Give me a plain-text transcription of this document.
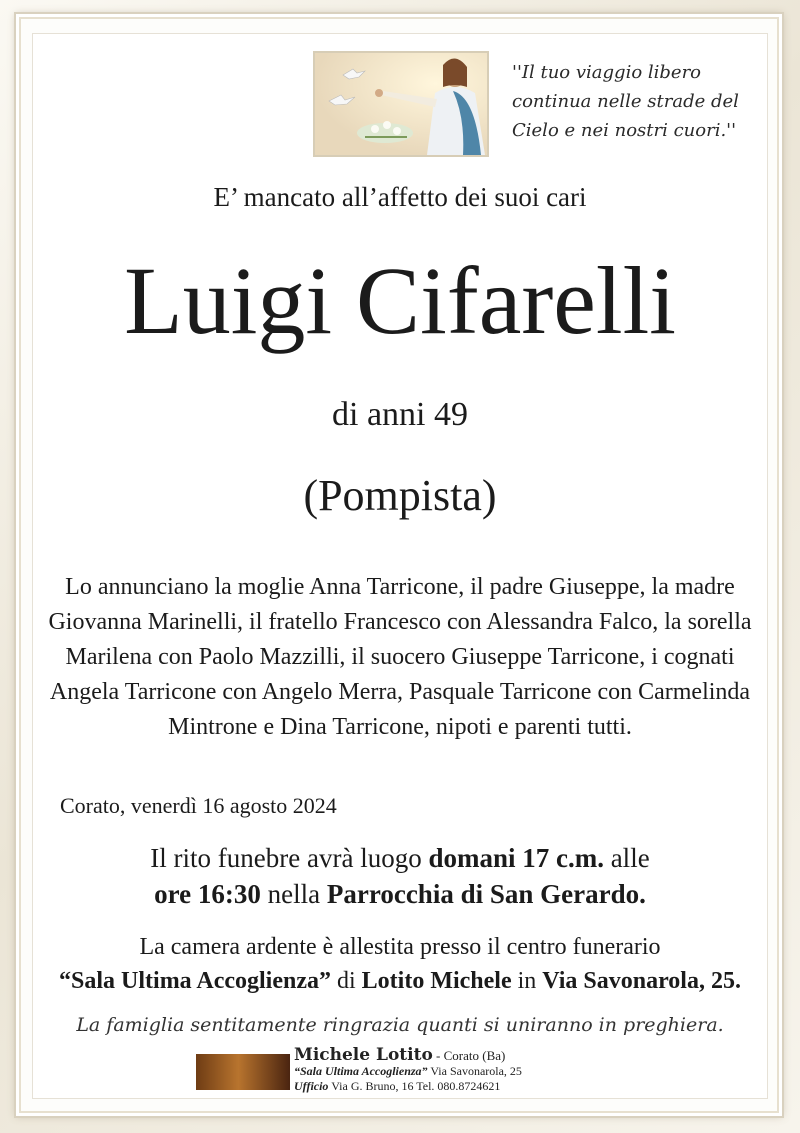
''Il tuo viaggio libero
continua nelle strade del
Cielo e nei nostri cuori.''
E’ mancato all’affetto dei suoi cari
Luigi Cifarelli
di anni 49
(Pompista)
Lo annunciano la moglie Anna Tarricone, il padre Giuseppe, la madre Giovanna Marinelli, il fratello Francesco con Alessandra Falco, la sorella Marilena con Paolo Mazzilli, il suocero Giuseppe Tarricone, i cognati Angela Tarricone con Angelo Merra, Pasquale Tarricone con Carmelinda Mintrone e Dina Tarricone, nipoti e parenti tutti.
Corato, venerdì 16 agosto 2024
Il rito funebre avrà luogo domani 17 c.m. alle
ore 16:30 nella Parrocchia di San Gerardo.
La camera ardente è allestita presso il centro funerario
“Sala Ultima Accoglienza” di Lotito Michele in Via Savonarola, 25.
La famiglia sentitamente ringrazia quanti si uniranno in preghiera.
Michele Lotito - Corato (Ba)
“Sala Ultima Accoglienza” Via Savonarola, 25
Ufficio Via G. Bruno, 16 Tel. 080.8724621
